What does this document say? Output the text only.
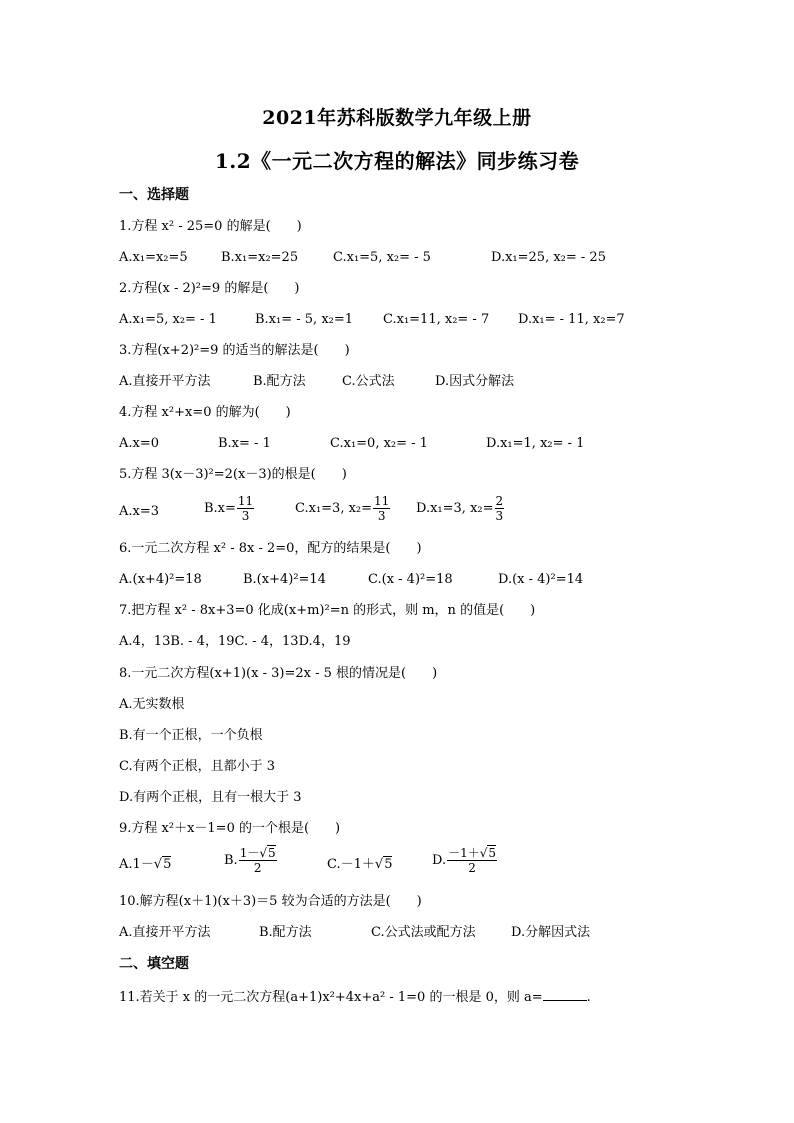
2021年苏科版数学九年级上册
1.2《一元二次方程的解法》同步练习卷
一、选择题
1.方程 x² - 25=0 的解是(　　)
A.x₁=x₂=5	B.x₁=x₂=25	C.x₁=5, x₂= - 5	D.x₁=25, x₂= - 25
2.方程(x - 2)²=9 的解是(　　)
A.x₁=5, x₂= - 1	B.x₁= - 5, x₂=1 C.x₁=11, x₂= - 7 D.x₁= - 11, x₂=7
3.方程(x+2)²=9 的适当的解法是(　　)
A.直接开平方法	B.配方法	C.公式法	D.因式分解法
4.方程 x²+x=0 的解为(　　)
A.x=0	B.x= - 1	C.x₁=0, x₂= - 1	D.x₁=1, x₂= - 1
5.方程 3(x－3)²=2(x－3)的根是(　　)
A.x=3	$B.x= \frac{11}{3}$	C.x₁=3, $x_2= \frac{11}{3} D.x_1=3$, $x_2= \frac{2}{3}$
6.一元二次方程 x² - 8x - 2=0，配方的结果是(　　)
A.(x+4)²=18	B.(x+4)²=14	C.(x - 4)²=18	D.(x - 4)²=14
7.把方程 x² - 8x+3=0 化成(x+m)²=n 的形式，则 m，n 的值是(　　)
A.4，13B. - 4，19C. - 4，13D.4，19
8.一元二次方程(x+1)(x - 3)=2x - 5 根的情况是(　　)
A.无实数根
B.有一个正根，一个负根
C.有两个正根，且都小于 3
D.有两个正根，且有一根大于 3
9.方程 x²＋x－1=0 的一个根是(　　)
A.1－√5	B. $\frac{1-√5}{2}$	C.－1＋√5	D. $\frac{-1+√5}{2}$
10.解方程(x＋1)(x＋3)＝5 较为合适的方法是(　　)
A.直接开平方法	B.配方法	C.公式法或配方法	D.分解因式法
二、填空题
11.若关于 x 的一元二次方程(a+1)x²+4x+a² - 1=0 的一根是 0，则 a=	.
